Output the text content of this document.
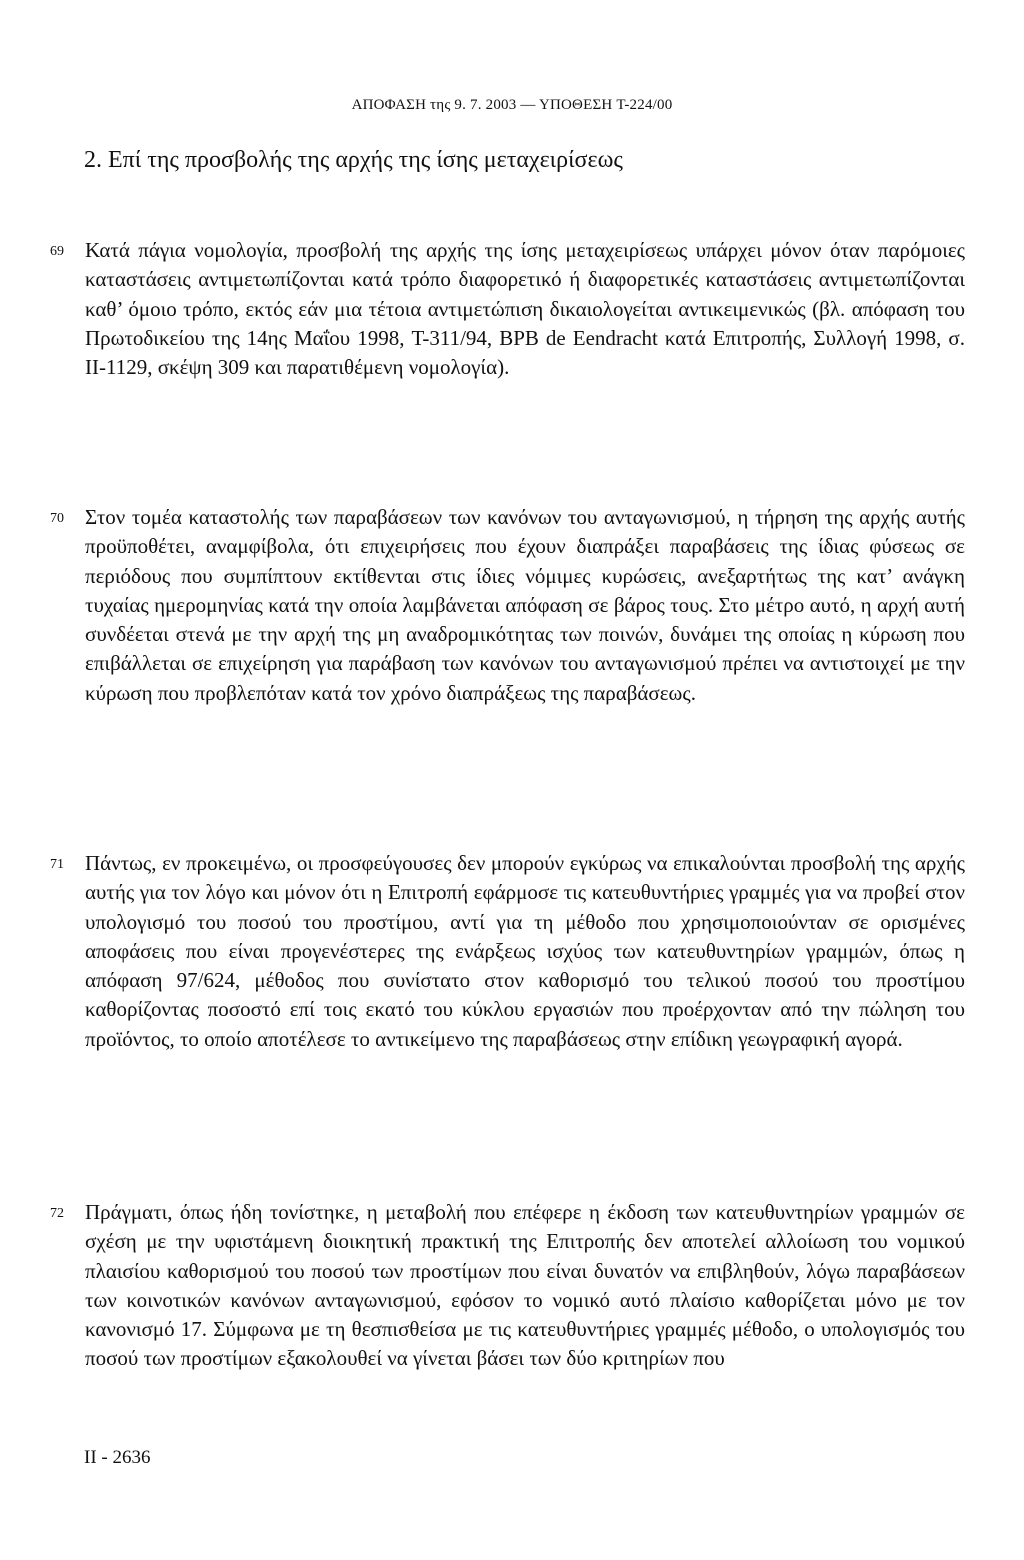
ΑΠΟΦΑΣΗ της 9. 7. 2003 — ΥΠΟΘΕΣΗ T-224/00
2. Επί της προσβολής της αρχής της ίσης μεταχειρίσεως
69 Κατά πάγια νομολογία, προσβολή της αρχής της ίσης μεταχειρίσεως υπάρχει μόνον όταν παρόμοιες καταστάσεις αντιμετωπίζονται κατά τρόπο διαφορετικό ή διαφορετικές καταστάσεις αντιμετωπίζονται καθ’ όμοιο τρόπο, εκτός εάν μια τέτοια αντιμετώπιση δικαιολογείται αντικειμενικώς (βλ. απόφαση του Πρωτοδικείου της 14ης Μαΐου 1998, T-311/94, BPB de Eendracht κατά Επιτροπής, Συλλογή 1998, σ. II-1129, σκέψη 309 και παρατιθέμενη νομολογία).
70 Στον τομέα καταστολής των παραβάσεων των κανόνων του ανταγωνισμού, η τήρηση της αρχής αυτής προϋποθέτει, αναμφίβολα, ότι επιχειρήσεις που έχουν διαπράξει παραβάσεις της ίδιας φύσεως σε περιόδους που συμπίπτουν εκτίθενται στις ίδιες νόμιμες κυρώσεις, ανεξαρτήτως της κατ’ ανάγκη τυχαίας ημερομηνίας κατά την οποία λαμβάνεται απόφαση σε βάρος τους. Στο μέτρο αυτό, η αρχή αυτή συνδέεται στενά με την αρχή της μη αναδρομικότητας των ποινών, δυνάμει της οποίας η κύρωση που επιβάλλεται σε επιχείρηση για παράβαση των κανόνων του ανταγωνισμού πρέπει να αντιστοιχεί με την κύρωση που προβλεπόταν κατά τον χρόνο διαπράξεως της παραβάσεως.
71 Πάντως, εν προκειμένω, οι προσφεύγουσες δεν μπορούν εγκύρως να επικαλούνται προσβολή της αρχής αυτής για τον λόγο και μόνον ότι η Επιτροπή εφάρμοσε τις κατευθυντήριες γραμμές για να προβεί στον υπολογισμό του ποσού του προστίμου, αντί για τη μέθοδο που χρησιμοποιούνταν σε ορισμένες αποφάσεις που είναι προγενέστερες της ενάρξεως ισχύος των κατευθυντηρίων γραμμών, όπως η απόφαση 97/624, μέθοδος που συνίστατο στον καθορισμό του τελικού ποσού του προστίμου καθορίζοντας ποσοστό επί τοις εκατό του κύκλου εργασιών που προέρχονταν από την πώληση του προϊόντος, το οποίο αποτέλεσε το αντικείμενο της παραβάσεως στην επίδικη γεωγραφική αγορά.
72 Πράγματι, όπως ήδη τονίστηκε, η μεταβολή που επέφερε η έκδοση των κατευθυντηρίων γραμμών σε σχέση με την υφιστάμενη διοικητική πρακτική της Επιτροπής δεν αποτελεί αλλοίωση του νομικού πλαισίου καθορισμού του ποσού των προστίμων που είναι δυνατόν να επιβληθούν, λόγω παραβάσεων των κοινοτικών κανόνων ανταγωνισμού, εφόσον το νομικό αυτό πλαίσιο καθορίζεται μόνο με τον κανονισμό 17. Σύμφωνα με τη θεσπισθείσα με τις κατευθυντήριες γραμμές μέθοδο, ο υπολογισμός του ποσού των προστίμων εξακολουθεί να γίνεται βάσει των δύο κριτηρίων που
II - 2636
